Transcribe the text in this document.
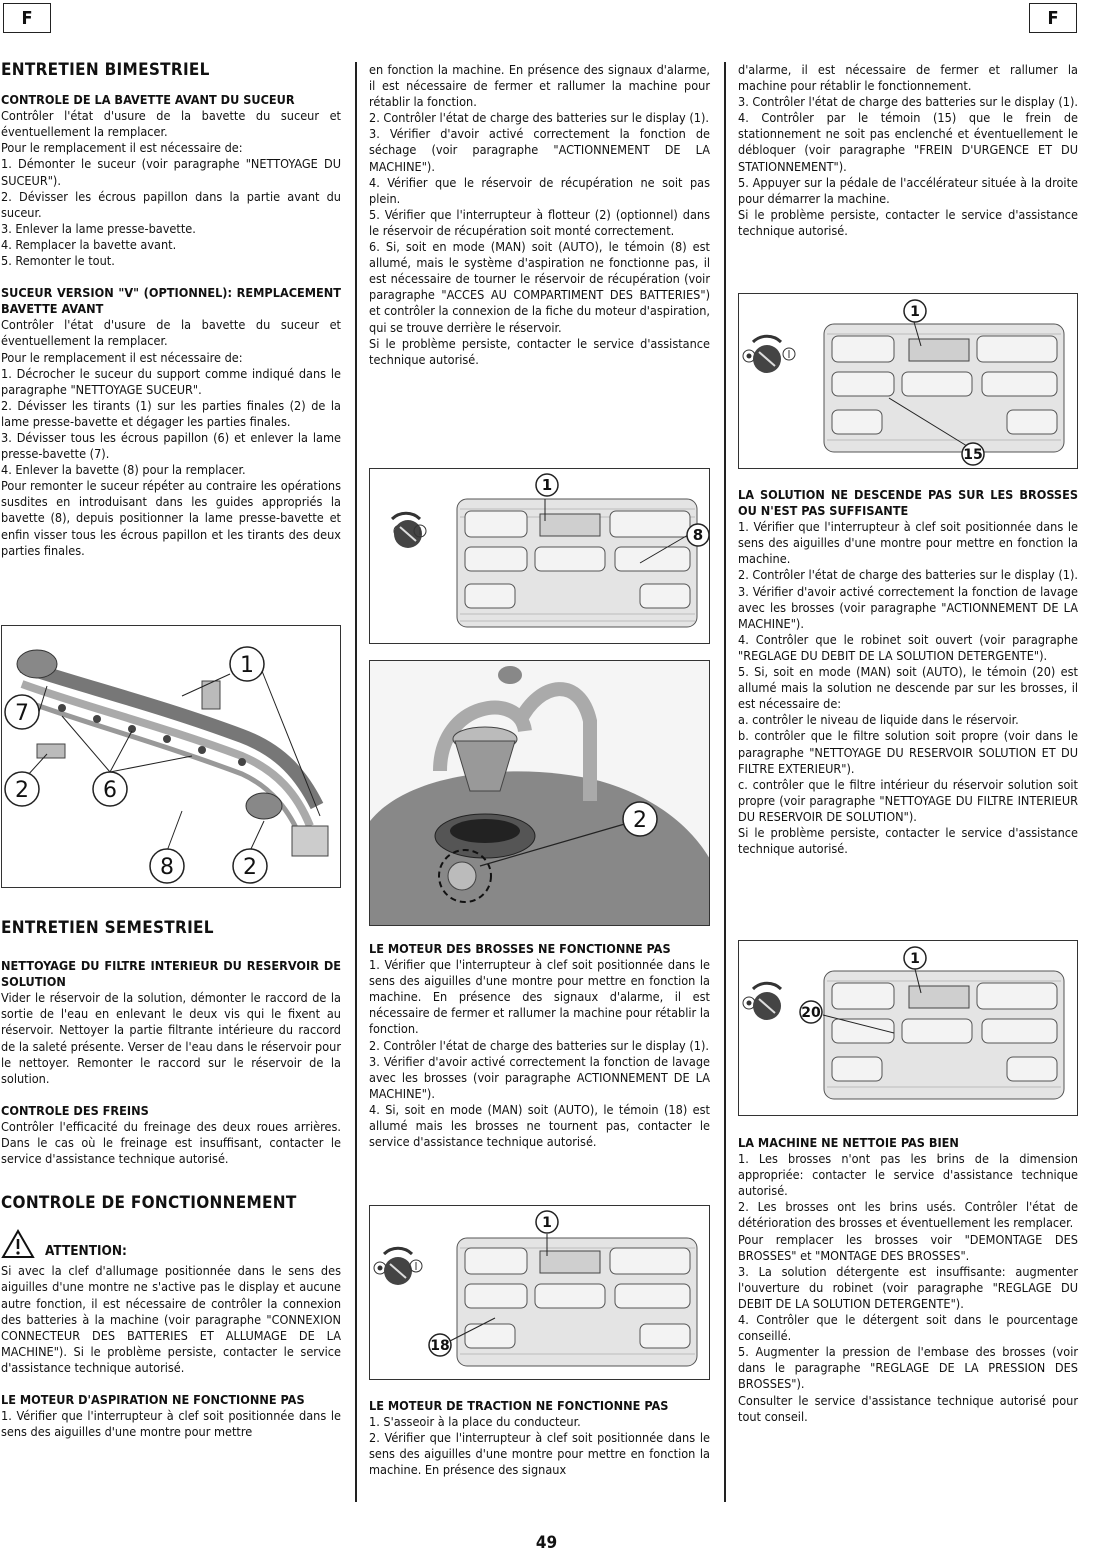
F	F
ENTRETIEN BIMESTRIEL

CONTROLE DE LA BAVETTE AVANT DU SUCEUR

Contrôler l'état d'usure de la bavette du suceur et éventuellement la remplacer.

Pour le remplacement il est nécessaire de:

1. Démonter le suceur (voir paragraphe "NETTOYAGE DU SUCEUR").

2. Dévisser les écrous papillon dans la partie avant du suceur.

3. Enlever la lame presse-bavette.

4. Remplacer la bavette avant.

5. Remonter le tout.

SUCEUR VERSION "V" (OPTIONNEL): REMPLACEMENT BAVETTE AVANT

Contrôler l'état d'usure de la bavette du suceur et éventuellement la remplacer.

Pour le remplacement il est nécessaire de:

1. Décrocher le suceur du support comme indiqué dans le paragraphe "NETTOYAGE SUCEUR".

2. Dévisser les tirants (1) sur les parties finales (2) de la lame presse-bavette et dégager les parties finales.

3. Dévisser tous les écrous papillon (6) et enlever la lame presse-bavette (7).

4. Enlever la bavette (8) pour la remplacer.

Pour remonter le suceur répéter au contraire les opérations susdites en introduisant dans les guides appropriés la bavette (8), depuis positionner la lame presse-bavette et enfin visser tous les écrous papillon et les tirants des deux parties finales.

1
7
2	6
8	2
ENTRETIEN SEMESTRIEL

NETTOYAGE DU FILTRE INTERIEUR DU RESERVOIR DE SOLUTION

Vider le réservoir de la solution, démonter le raccord de la sortie de l'eau en enlevant le deux vis qui le fixent au réservoir. Nettoyer la partie filtrante intérieure du raccord de la saleté présente. Verser de l'eau dans le réservoir pour le nettoyer. Remonter le raccord sur le réservoir de la solution.

CONTROLE DES FREINS

Contrôler l'efficacité du freinage des deux roues arrières. Dans le cas où le freinage est insuffisant, contacter le service d'assistance technique autorisé.

CONTROLE DE FONCTIONNEMENT
ATTENTION:

Si avec la clef d'allumage positionnée dans le sens des aiguilles d'une montre ne s'active pas le display et aucune autre fonction, il est nécessaire de contrôler la connexion des batteries à la machine (voir paragraphe "CONNEXION CONNECTEUR DES BATTERIES ET ALLUMAGE DE LA MACHINE"). Si le problème persiste, contacter le service d'assistance technique autorisé.

LE MOTEUR D'ASPIRATION NE FONCTIONNE PAS

1. Vérifier que l'interrupteur à clef soit positionnée dans le sens des aiguilles d'une montre pour mettre

en fonction la machine. En présence des signaux d'alarme, il est nécessaire de fermer et rallumer la machine pour rétablir la fonction.

2. Contrôler l'état de charge des batteries sur le display (1).

3. Vérifier d'avoir activé correctement la fonction de séchage (voir paragraphe "ACTIONNEMENT DE LA MACHINE").

4. Vérifier que le réservoir de récupération ne soit pas plein.

5. Vérifier que l'interrupteur à flotteur (2) (optionnel) dans le réservoir de récupération soit monté correctement.

6. Si, soit en mode (MAN) soit (AUTO), le témoin (8) est allumé, mais le système d'aspiration ne fonctionne pas, il est nécessaire de tourner le réservoir de récupération (voir paragraphe "ACCES AU COMPARTIMENT DES BATTERIES") et contrôler la connexion de la fiche du moteur d'aspiration, qui se trouve derrière le réservoir.

Si le problème persiste, contacter le service d'assistance technique autorisé.

1
8
2

LE MOTEUR DES BROSSES NE FONCTIONNE PAS

1. Vérifier que l'interrupteur à clef soit positionnée dans le sens des aiguilles d'une montre pour mettre en fonction la machine. En présence des signaux d'alarme, il est nécessaire de fermer et rallumer la machine pour rétablir la fonction.

2. Contrôler l'état de charge des batteries sur le display (1).

3. Vérifier d'avoir activé correctement la fonction de lavage avec les brosses (voir paragraphe ACTIONNEMENT DE LA MACHINE").

4. Si, soit en mode (MAN) soit (AUTO), le témoin (18) est allumé mais les brosses ne tournent pas, contacter le service d'assistance technique autorisé.

1
18

LE MOTEUR DE TRACTION NE FONCTIONNE PAS

1. S'asseoir à la place du conducteur.

2. Vérifier que l'interrupteur à clef soit positionnée dans le sens des aiguilles d'une montre pour mettre en fonction la machine. En présence des signaux

d'alarme, il est nécessaire de fermer et rallumer la machine pour rétablir le fonctionnement.

3. Contrôler l'état de charge des batteries sur le display (1).

4. Contrôler par le témoin (15) que le frein de stationnement ne soit pas enclenché et éventuellement le débloquer (voir paragraphe "FREIN D'URGENCE ET DU STATIONNEMENT").

5. Appuyer sur la pédale de l'accélérateur située à la droite pour démarrer la machine.

Si le problème persiste, contacter le service d'assistance technique autorisé.

1
15

LA SOLUTION NE DESCENDE PAS SUR LES BROSSES OU N'EST PAS SUFFISANTE

1. Vérifier que l'interrupteur à clef soit positionnée dans le sens des aiguilles d'une montre pour mettre en fonction la machine.

2. Contrôler l'état de charge des batteries sur le display (1).

3. Vérifier d'avoir activé correctement la fonction de lavage avec les brosses (voir paragraphe "ACTIONNEMENT DE LA MACHINE").

4. Contrôler que le robinet soit ouvert (voir paragraphe "REGLAGE DU DEBIT DE LA SOLUTION DETERGENTE").

5. Si, soit en mode (MAN) soit (AUTO), le témoin (20) est allumé mais la solution ne descende par sur les brosses, il est nécessaire de:

a. contrôler le niveau de liquide dans le réservoir.

b. contrôler que le filtre solution soit propre (voir dans le paragraphe "NETTOYAGE DU RESERVOIR SOLUTION ET DU FILTRE EXTERIEUR").

c. contrôler que le filtre intérieur du réservoir solution soit propre (voir paragraphe "NETTOYAGE DU FILTRE INTERIEUR DU RESERVOIR DE SOLUTION").

Si le problème persiste, contacter le service d'assistance technique autorisé.

1
20

LA MACHINE NE NETTOIE PAS BIEN

1. Les brosses n'ont pas les brins de la dimension appropriée: contacter le service d'assistance technique autorisé.

2. Les brosses ont les brins usés. Contrôler l'état de détérioration des brosses et éventuellement les remplacer.

Pour remplacer les brosses voir "DEMONTAGE DES BROSSES" et "MONTAGE DES BROSSES".

3. La solution détergente est insuffisante: augmenter l'ouverture du robinet (voir paragraphe "REGLAGE DU DEBIT DE LA SOLUTION DETERGENTE").

4. Contrôler que le détergent soit dans le pourcentage conseillé.

5. Augmenter la pression de l'embase des brosses (voir dans le paragraphe "REGLAGE DE LA PRESSION DES BROSSES").

Consulter le service d'assistance technique autorisé pour tout conseil.

49
